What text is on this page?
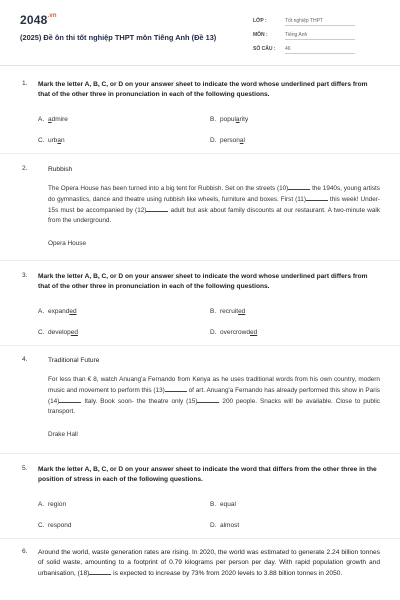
$2048^{.vn}$
(2025) Đề ôn thi tốt nghiệp THPT môn Tiếng Anh (Đề 13)
LỚP :	Tốt nghiệp THPT
MÔN :	Tiếng Anh
SỐ CÂU : 46
1. Mark the letter A, B, C, or D on your answer sheet to indicate the word whose underlined part differs from that of the other three in pronunciation in each of the following questions.
A. admire	B. popularity
C. urban	D. personal
2.	Rubbish
The Opera House has been turned into a big tent for Rubbish. Set on the streets (10)	the 1940s, young artists do gymnastics, dance and theatre using rubbish like wheels, furniture and boxes. First (11)	this week! Under-15s must be accompanied by (12)	adult but ask about family discounts at our restaurant. A two-minute walk from the underground.
Opera House
3. Mark the letter A, B, C, or D on your answer sheet to indicate the word whose underlined part differs from that of the other three in pronunciation in each of the following questions.
A. expanded	B. recruited
C. developed	D. overcrowded
4.	Traditional Future
For less than € 8, watch Anuang'a Fernando from Kenya as he uses traditional words from his own country, modern music and movement to perform this (13)	of art. Anuang'a Fernando has already performed this show in Paris (14)	Italy. Book soon- the theatre only (15)	200 people. Snacks will be available. Close to public transport.
Drake Hall
5. Mark the letter A, B, C, or D on your answer sheet to indicate the word that differs from the other three in the position of stress in each of the following questions.
A. region	B. equal
C. respond	D. almost
6. Around the world, waste generation rates are rising. In 2020, the world was estimated to generate 2.24 billion tonnes of solid waste, amounting to a footprint of 0.79 kilograms per person per day. With rapid population growth and urbanisation, (18)	is expected to increase by 73% from 2020 levels to 3.88 billion tonnes in 2050.
